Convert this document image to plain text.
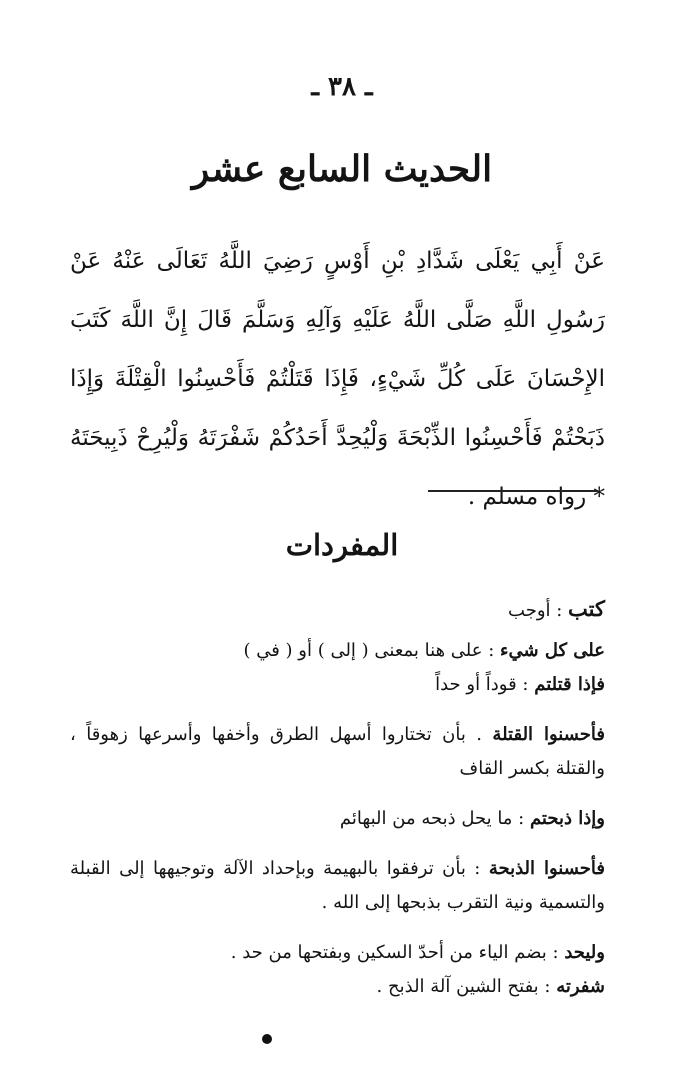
ـ ٣٨ ـ
الحديث السابع عشر
عَنْ أَبِي يَعْلَى شَدَّادِ بْنِ أَوْسٍ رَضِيَ اللَّهُ تَعَالَى عَنْهُ عَنْ رَسُولِ اللَّهِ صَلَّى اللَّهُ عَلَيْهِ وَآلِهِ وَسَلَّمَ قَالَ إِنَّ اللَّهَ كَتَبَ الإِحْسَانَ عَلَى كُلِّ شَيْءٍ، فَإِذَا قَتَلْتُمْ فَأَحْسِنُوا الْقِتْلَةَ وَإِذَا ذَبَحْتُمْ فَأَحْسِنُوا الذِّبْحَةَ وَلْيُحِدَّ أَحَدُكُمْ شَفْرَتَهُ وَلْيُرِحْ ذَبِيحَتَهُ * رواه مسلم .
المفردات

كتب : أوجب

على كل شيء : على هنا بمعنى ( إلى ) أو ( في )

فإذا قتلتم : قوداً أو حداً

فأحسنوا القتلة . بأن تختاروا أسهل الطرق وأخفها وأسرعها زهوقاً ، والقتلة بكسر القاف

وإذا ذبحتم : ما يحل ذبحه من البهائم

فأحسنوا الذبحة : بأن ترفقوا بالبهيمة وبإحداد الآلة وتوجيهها إلى القبلة والتسمية ونية التقرب بذبحها إلى الله .

وليحد : بضم الياء من أحدّ السكين وبفتحها من حد .

شفرته : بفتح الشين آلة الذبح .
